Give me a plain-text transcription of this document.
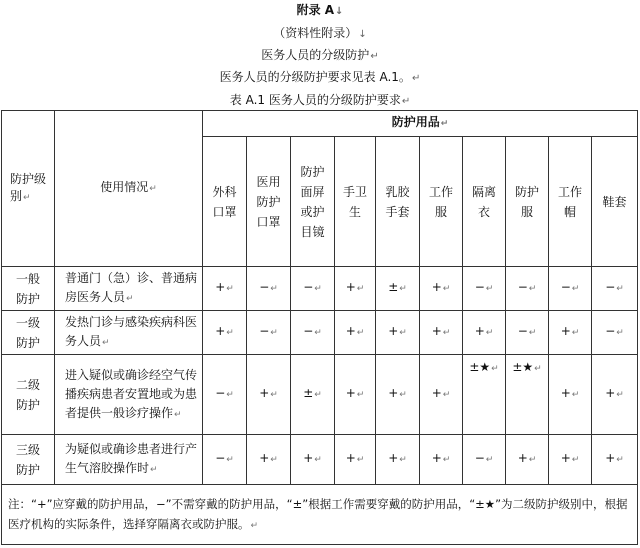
附录 A↓
（资料性附录）↓
医务人员的分级防护↵
医务人员的分级防护要求见表 A.1。↵
表 A.1 医务人员的分级防护要求↵
防护级别↵	使用情况↵	防护用品↵									
		外科口罩	医用防护口罩	防护面屏或护目镜	手卫生	乳胶手套	工作服	隔离衣	防护服	工作帽	鞋套
一般防护	普通门（急）诊、普通病房医务人员↵	+↵	−↵	−↵	+↵	±↵	+↵	−↵	−↵	−↵	−↵
一级防护	发热门诊与感染疾病科医务人员↵	+↵	−↵	−↵	+↵	+↵	+↵	+↵	−↵	+↵	−↵
二级防护	进入疑似或确诊经空气传播疾病患者安置地或为患者提供一般诊疗操作↵	−↵	+↵	±↵	+↵	+↵	+↵	±★↵	±★↵	+↵	+↵
三级防护	为疑似或确诊患者进行产生气溶胶操作时↵	−↵	+↵	+↵	+↵	+↵	+↵	−↵	+↵	+↵	+↵
注：“+”应穿戴的防护用品，−”不需穿戴的防护用品，“±”根据工作需要穿戴的防护用品，“±★”为二级防护级别中，根据医疗机构的实际条件，选择穿隔离衣或防护服。↵											
